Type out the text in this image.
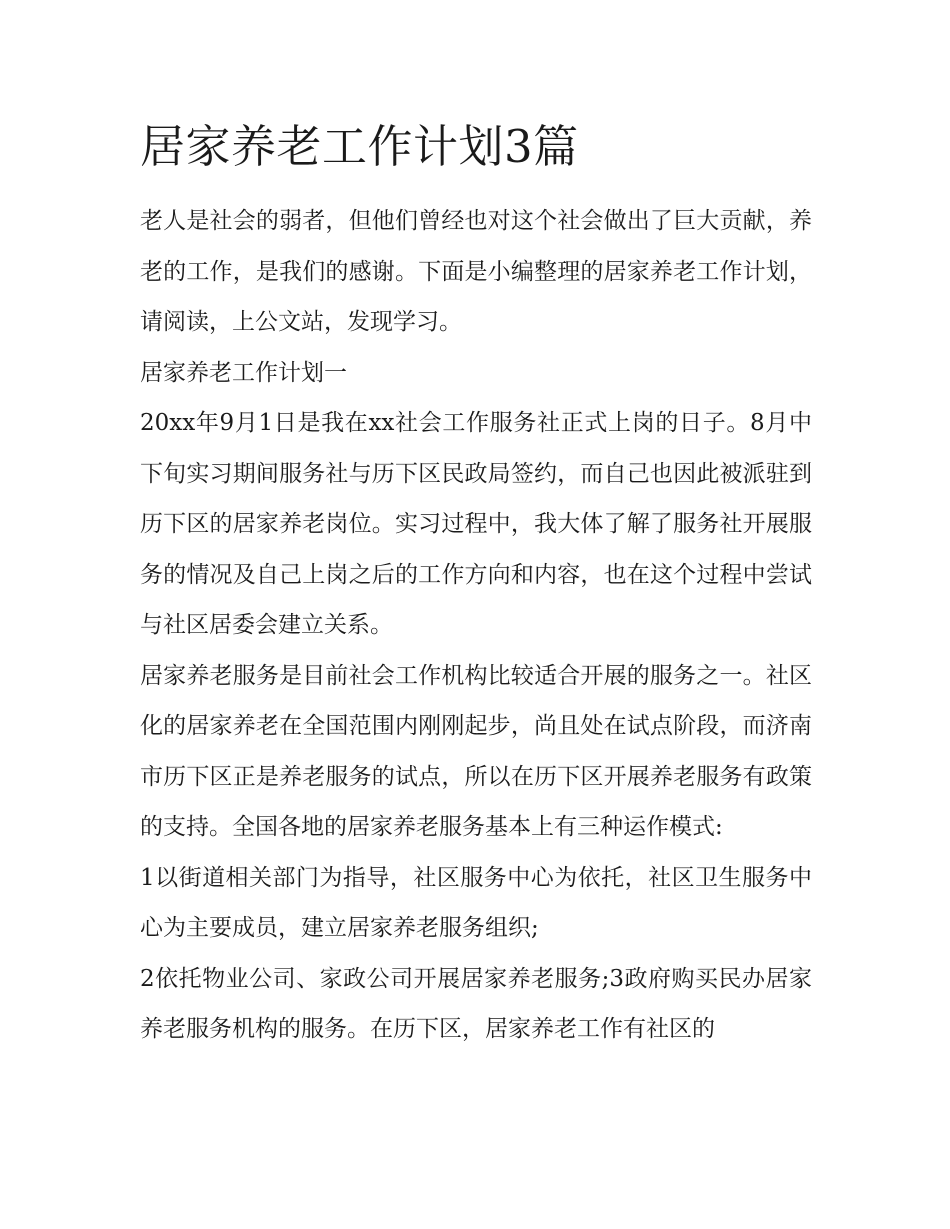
居家养老工作计划3篇

老人是社会的弱者，但他们曾经也对这个社会做出了巨大贡献，养老的工作，是我们的感谢。下面是小编整理的居家养老工作计划，请阅读，上公文站，发现学习。

居家养老工作计划一

20xx年9月1日是我在xx社会工作服务社正式上岗的日子。8月中下旬实习期间服务社与历下区民政局签约，而自己也因此被派驻到历下区的居家养老岗位。实习过程中，我大体了解了服务社开展服务的情况及自己上岗之后的工作方向和内容，也在这个过程中尝试与社区居委会建立关系。

居家养老服务是目前社会工作机构比较适合开展的服务之一。社区化的居家养老在全国范围内刚刚起步，尚且处在试点阶段，而济南市历下区正是养老服务的试点，所以在历下区开展养老服务有政策的支持。全国各地的居家养老服务基本上有三种运作模式:

1以街道相关部门为指导，社区服务中心为依托，社区卫生服务中心为主要成员，建立居家养老服务组织;

2依托物业公司、家政公司开展居家养老服务;3政府购买民办居家养老服务机构的服务。在历下区，居家养老工作有社区的
